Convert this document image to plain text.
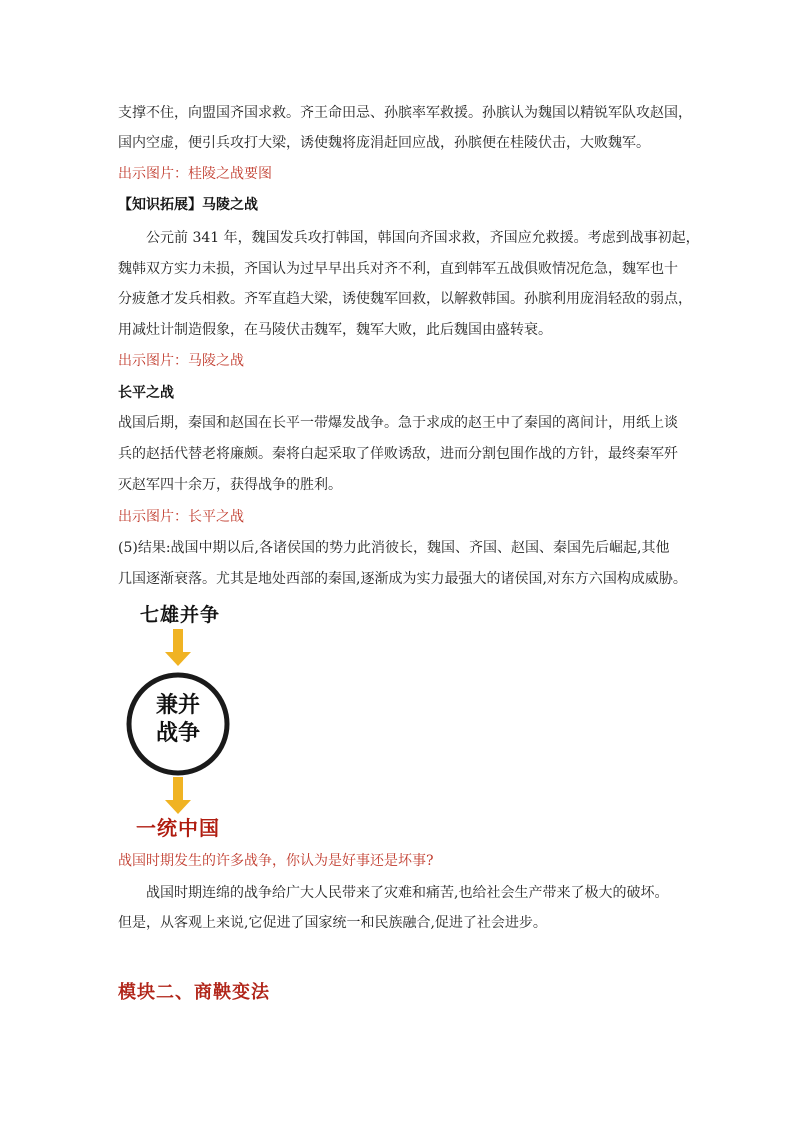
支撑不住，向盟国齐国求救。齐王命田忌、孙膑率军救援。孙膑认为魏国以精锐军队攻赵国，
国内空虚，便引兵攻打大梁，诱使魏将庞涓赶回应战，孙膑便在桂陵伏击，大败魏军。
出示图片：桂陵之战要图
【知识拓展】马陵之战
公元前 341 年，魏国发兵攻打韩国，韩国向齐国求救，齐国应允救援。考虑到战事初起，
魏韩双方实力未损，齐国认为过早早出兵对齐不利，直到韩军五战俱败情况危急，魏军也十
分疲惫才发兵相救。齐军直趋大梁，诱使魏军回救，以解救韩国。孙膑利用庞涓轻敌的弱点，
用减灶计制造假象，在马陵伏击魏军，魏军大败，此后魏国由盛转衰。
出示图片：马陵之战
长平之战
战国后期，秦国和赵国在长平一带爆发战争。急于求成的赵王中了秦国的离间计，用纸上谈
兵的赵括代替老将廉颇。秦将白起采取了佯败诱敌，进而分割包围作战的方针，最终秦军歼
灭赵军四十余万，获得战争的胜利。
出示图片：长平之战
(5)结果:战国中期以后,各诸侯国的势力此消彼长，魏国、齐国、赵国、秦国先后崛起,其他
几国逐渐衰落。尤其是地处西部的秦国,逐渐成为实力最强大的诸侯国,对东方六国构成威胁。
七雄并争
兼并
战争
一统中国
战国时期发生的许多战争，你认为是好事还是坏事?
战国时期连绵的战争给广大人民带来了灾难和痛苦,也给社会生产带来了极大的破坏。
但是，从客观上来说,它促进了国家统一和民族融合,促进了社会进步。
模块二、商鞅变法
